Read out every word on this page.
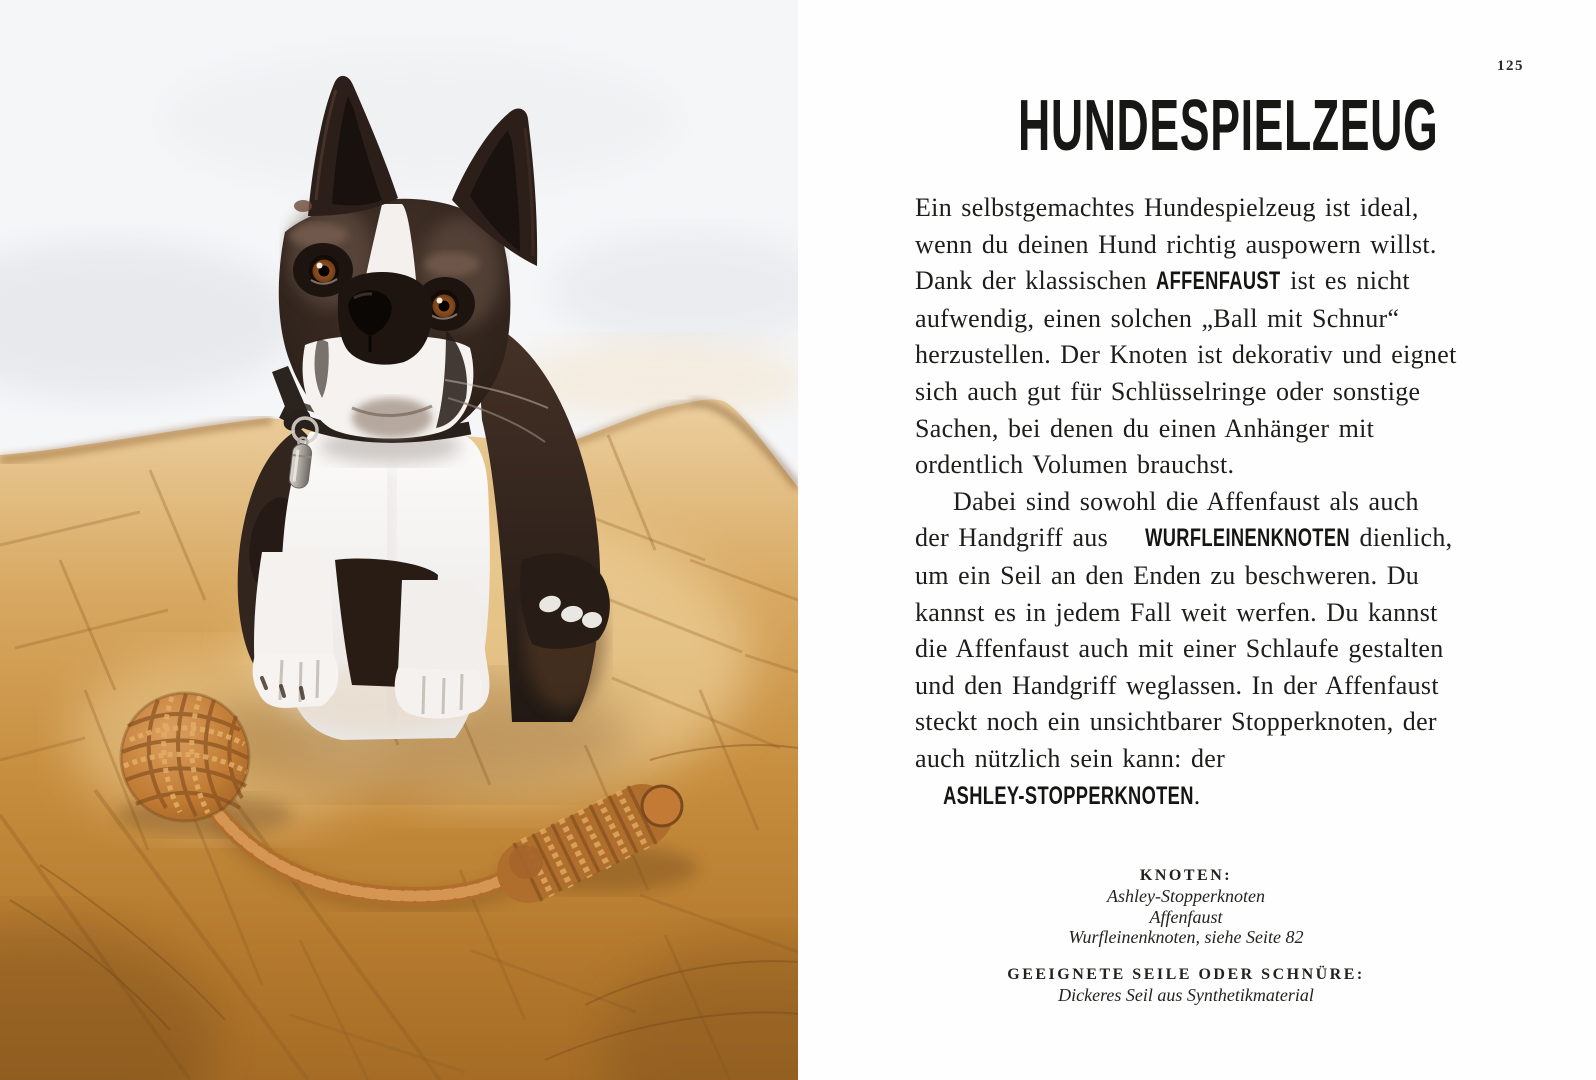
125
HUNDESPIELZEUG

Ein selbstgemachtes Hundespielzeug ist ideal, wenn du deinen Hund richtig auspowern willst. Dank der klassischen AFFENFAUST ist es nicht aufwendig, einen solchen „Ball mit Schnur“ herzustellen. Der Knoten ist dekorativ und eignet sich auch gut für Schlüsselringe oder sonstige Sachen, bei denen du einen Anhänger mit ordentlich Volumen brauchst.

Dabei sind sowohl die Affenfaust als auch der Handgriff aus WURFLEINENKNOTEN dienlich, um ein Seil an den Enden zu beschweren. Du kannst es in jedem Fall weit werfen. Du kannst die Affenfaust auch mit einer Schlaufe gestalten und den Handgriff weglassen. In der Affenfaust steckt noch ein unsichtbarer Stopperknoten, der auch nützlich sein kann: der ASHLEY-STOPPERKNOTEN.

KNOTEN:
Ashley-Stopperknoten
Affenfaust
Wurfleinenknoten, siehe Seite 82
GEEIGNETE SEILE ODER SCHNÜRE:
Dickeres Seil aus Synthetikmaterial
